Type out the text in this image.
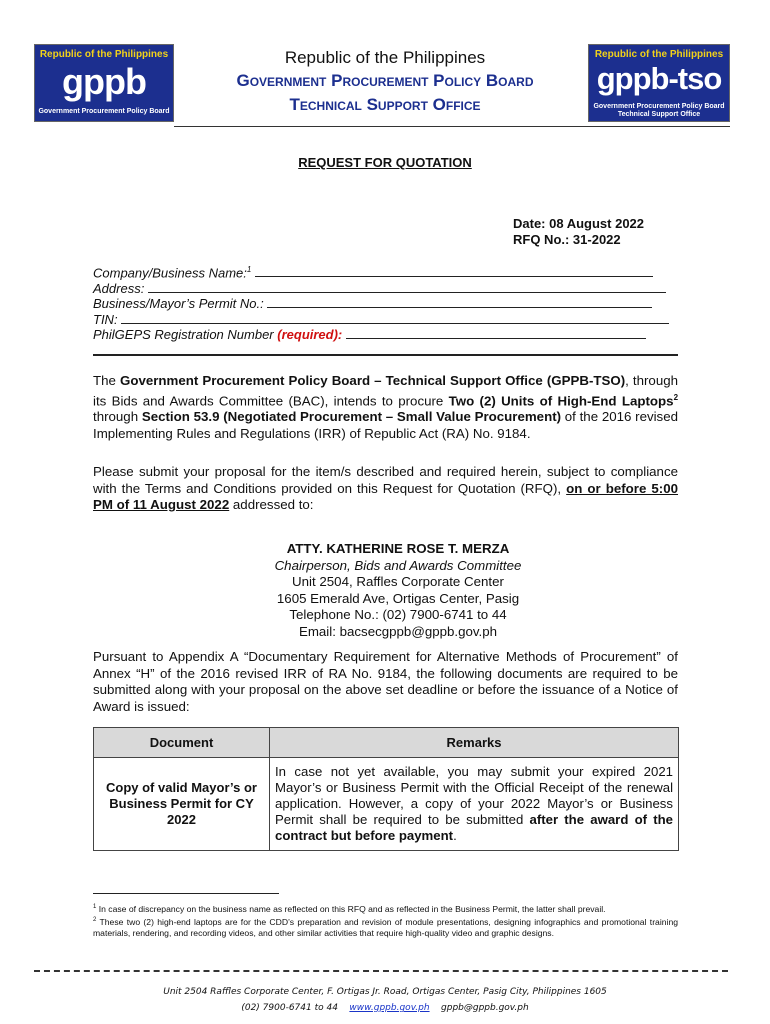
Republic of the Philippines
gppb
Government Procurement Policy Board
Republic of the Philippines
gppb-tso
Government Procurement Policy Board
Technical Support Office
Republic of the Philippines
Government Procurement Policy Board
Technical Support Office
REQUEST FOR QUOTATION
Date: 08 August 2022
RFQ No.: 31-2022
Company/Business Name:$^1$
Address:
Business/Mayor’s Permit No.:
TIN:
PhilGEPS Registration Number (required):
The Government Procurement Policy Board – Technical Support Office (GPPB-TSO), through its Bids and Awards Committee (BAC), intends to procure Two (2) Units of High-End Laptops$^2$ through Section 53.9 (Negotiated Procurement – Small Value Procurement) of the 2016 revised Implementing Rules and Regulations (IRR) of Republic Act (RA) No. 9184.
Please submit your proposal for the item/s described and required herein, subject to compliance with the Terms and Conditions provided on this Request for Quotation (RFQ), on or before 5:00 PM of 11 August 2022 addressed to:
ATTY. KATHERINE ROSE T. MERZA
Chairperson, Bids and Awards Committee
Unit 2504, Raffles Corporate Center
1605 Emerald Ave, Ortigas Center, Pasig
Telephone No.: (02) 7900-6741 to 44
Email: bacsecgppb@gppb.gov.ph
Pursuant to Appendix A “Documentary Requirement for Alternative Methods of Procurement” of Annex “H” of the 2016 revised IRR of RA No. 9184, the following documents are required to be submitted along with your proposal on the above set deadline or before the issuance of a Notice of Award is issued:
Document	Remarks
Copy of valid Mayor’s or Business Permit for CY 2022	In case not yet available, you may submit your expired 2021 Mayor’s or Business Permit with the Official Receipt of the renewal application. However, a copy of your 2022 Mayor’s or Business Permit shall be required to be submitted after the award of the contract but before payment.
$^1$ In case of discrepancy on the business name as reflected on this RFQ and as reflected in the Business Permit, the latter shall prevail.
$^2$ These two (2) high-end laptops are for the CDD’s preparation and revision of module presentations, designing infographics and promotional training materials, rendering, and recording videos, and other similar activities that require high-quality video and graphic designs.
Unit 2504 Raffles Corporate Center, F. Ortigas Jr. Road, Ortigas Center, Pasig City, Philippines 1605
(02) 7900-6741 to 44 www.gppb.gov.ph gppb@gppb.gov.ph
